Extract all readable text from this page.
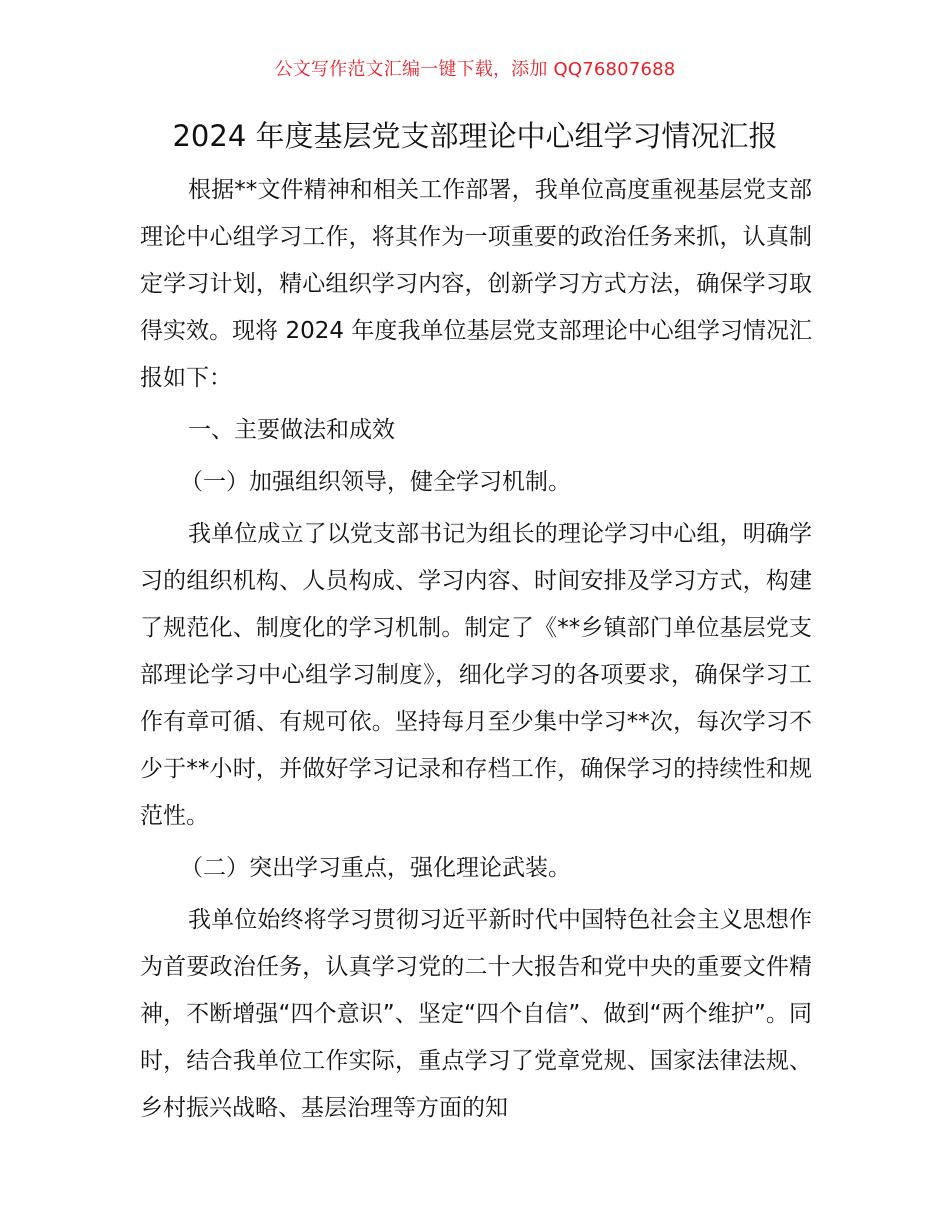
公文写作范文汇编一键下载，添加 QQ76807688
2024 年度基层党支部理论中心组学习情况汇报

根据**文件精神和相关工作部署，我单位高度重视基层党支部理论中心组学习工作，将其作为一项重要的政治任务来抓，认真制定学习计划，精心组织学习内容，创新学习方式方法，确保学习取得实效。现将 2024 年度我单位基层党支部理论中心组学习情况汇报如下：

一、主要做法和成效

（一）加强组织领导，健全学习机制。

我单位成立了以党支部书记为组长的理论学习中心组，明确学习的组织机构、人员构成、学习内容、时间安排及学习方式，构建了规范化、制度化的学习机制。制定了《**乡镇部门单位基层党支部理论学习中心组学习制度》，细化学习的各项要求，确保学习工作有章可循、有规可依。坚持每月至少集中学习**次，每次学习不少于**小时，并做好学习记录和存档工作，确保学习的持续性和规范性。

（二）突出学习重点，强化理论武装。

我单位始终将学习贯彻习近平新时代中国特色社会主义思想作为首要政治任务，认真学习党的二十大报告和党中央的重要文件精神，不断增强“四个意识”、坚定“四个自信”、做到“两个维护”。同时，结合我单位工作实际，重点学习了党章党规、国家法律法规、乡村振兴战略、基层治理等方面的知
